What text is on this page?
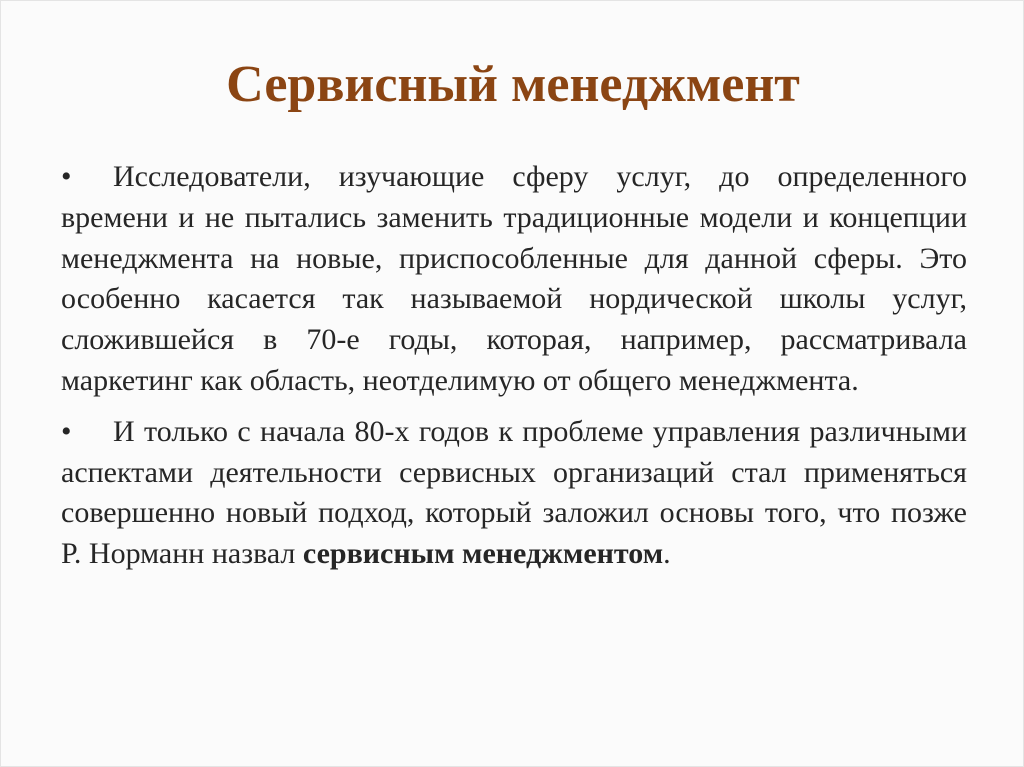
Сервисный менеджмент
• Исследователи, изучающие сферу услуг, до определенного времени и не пытались заменить традиционные модели и концепции менеджмента на новые, приспособленные для данной сферы. Это особенно касается так называемой нордической школы услуг, сложившейся в 70-е годы, которая, например, рассматривала маркетинг как область, неотделимую от общего менеджмента.
• И только с начала 80-х годов к проблеме управления различными аспектами деятельности сервисных организаций стал применяться совершенно новый подход, который заложил основы того, что позже Р. Норманн назвал сервисным менеджментом.
